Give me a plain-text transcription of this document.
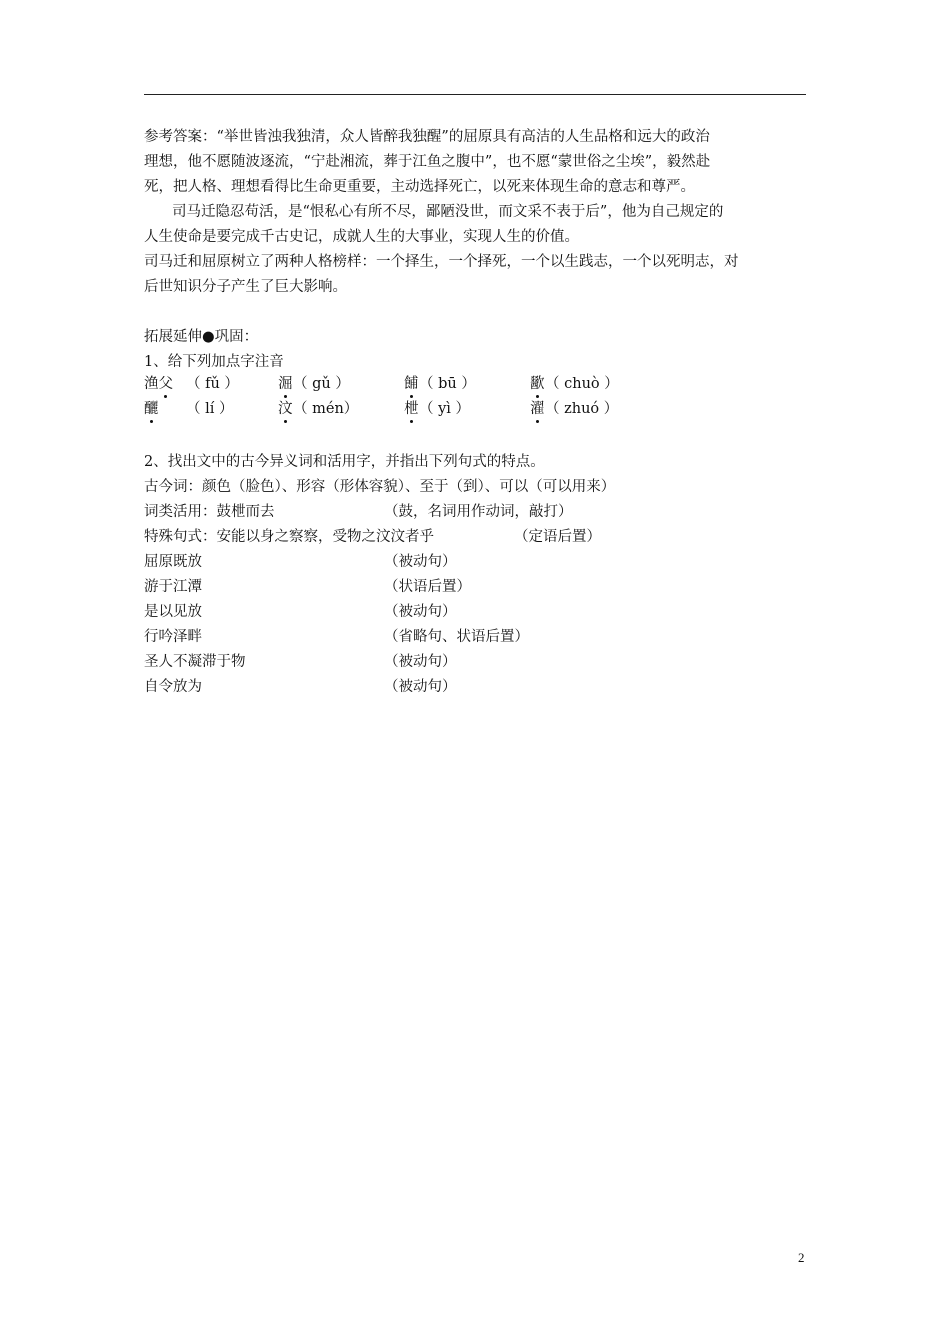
参考答案：“举世皆浊我独清，众人皆醉我独醒”的屈原具有高洁的人生品格和远大的政治
理想，他不愿随波逐流，“宁赴湘流，葬于江鱼之腹中”，也不愿“蒙世俗之尘埃”，毅然赴
死，把人格、理想看得比生命更重要，主动选择死亡，以死来体现生命的意志和尊严。
司马迁隐忍苟活，是“恨私心有所不尽，鄙陋没世，而文采不表于后”，他为自己规定的
人生使命是要完成千古史记，成就人生的大事业，实现人生的价值。
司马迁和屈原树立了两种人格榜样：一个择生，一个择死，一个以生践志，一个以死明志，对
后世知识分子产生了巨大影响。
拓展延伸●巩固：
1、给下列加点字注音
渔父 （ fǔ ）	淈 （ gǔ ）	餔 （ bū ）	歠 （ chuò ）
釃 （ lí ）	汶 （ mén）	枻 （ yì ）	濯 （ zhuó ）
2、找出文中的古今异义词和活用字，并指出下列句式的特点。
古今词：颜色（脸色）、形容（形体容貌）、至于（到）、可以（可以用来）
词类活用：鼓枻而去	（鼓，名词用作动词，敲打）
特殊句式：安能以身之察察，受物之汶汶者乎	（定语后置）
屈原既放	（被动句）
游于江潭	（状语后置）
是以见放	（被动句）
行吟泽畔	（省略句、状语后置）
圣人不凝滞于物	（被动句）
自令放为	（被动句）
2
